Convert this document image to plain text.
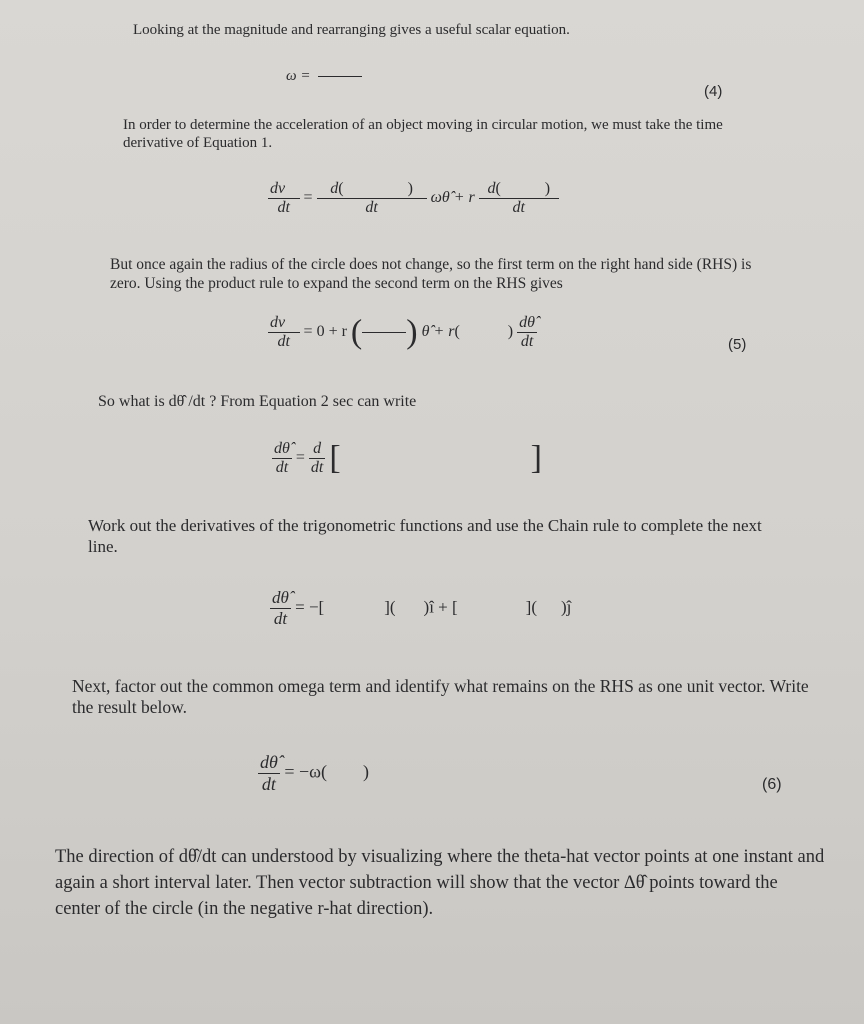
Looking at the magnitude and rearranging gives a useful scalar equation.
ω =
(4)
In order to determine the acceleration of an object moving in circular motion, we must take the time derivative of Equation 1.
$\frac{dv⃗}{dt} = d$(	)
dt ωθ̂ + r d(	)
dt
But once again the radius of the circle does not change, so the first term on the right hand side (RHS) is zero. Using the product rule to expand the second term on the RHS gives
$\frac{dv⃗}{dt} = 0 + r$ ( ) θ̂ + r(	) $\frac{d\thetâ}{dt}$	(5)
So what is dθ̂ /dt ? From Equation 2 sec can write
$\frac{d\thetâ}{dt} = \frac{d}{dt}$ [	]
Work out the derivatives of the trigonometric functions and use the Chain rule to complete the next line.
$\frac{d\thetâ}{dt}$ = −[	]( )î + [	]( )ĵ
Next, factor out the common omega term and identify what remains on the RHS as one unit vector. Write the result below.
$\frac{d\thetâ}{dt} = -\omega$( )
(6)
The direction of dθ̂/dt can understood by visualizing where the theta-hat vector points at one instant and again a short interval later. Then vector subtraction will show that the vector Δθ̂ points toward the center of the circle (in the negative r-hat direction).
